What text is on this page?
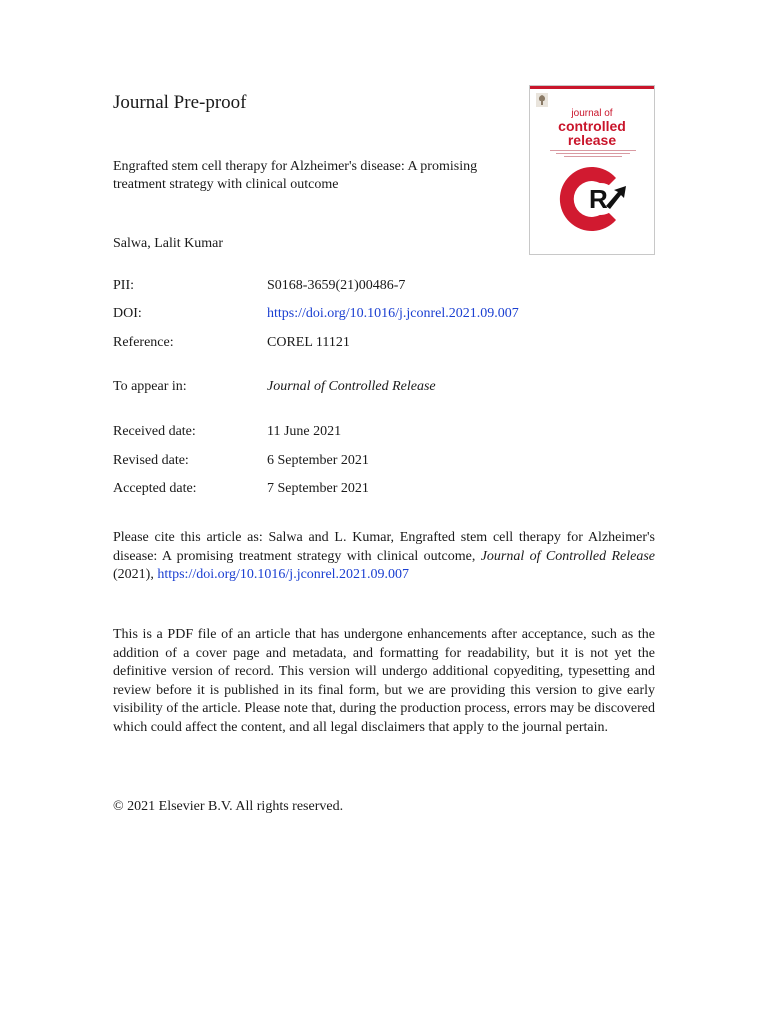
Journal Pre-proof
journal of
controlled
release
R
Engrafted stem cell therapy for Alzheimer's disease: A promising treatment strategy with clinical outcome
Salwa, Lalit Kumar
PII:	S0168-3659(21)00486-7
DOI:	https://doi.org/10.1016/j.jconrel.2021.09.007
Reference:	COREL 11121
To appear in:	Journal of Controlled Release
Received date:	11 June 2021
Revised date:	6 September 2021
Accepted date:	7 September 2021
Please cite this article as: Salwa and L. Kumar, Engrafted stem cell therapy for Alzheimer's disease: A promising treatment strategy with clinical outcome, Journal of Controlled Release (2021), https://doi.org/10.1016/j.jconrel.2021.09.007
This is a PDF file of an article that has undergone enhancements after acceptance, such as the addition of a cover page and metadata, and formatting for readability, but it is not yet the definitive version of record. This version will undergo additional copyediting, typesetting and review before it is published in its final form, but we are providing this version to give early visibility of the article. Please note that, during the production process, errors may be discovered which could affect the content, and all legal disclaimers that apply to the journal pertain.
© 2021 Elsevier B.V. All rights reserved.
